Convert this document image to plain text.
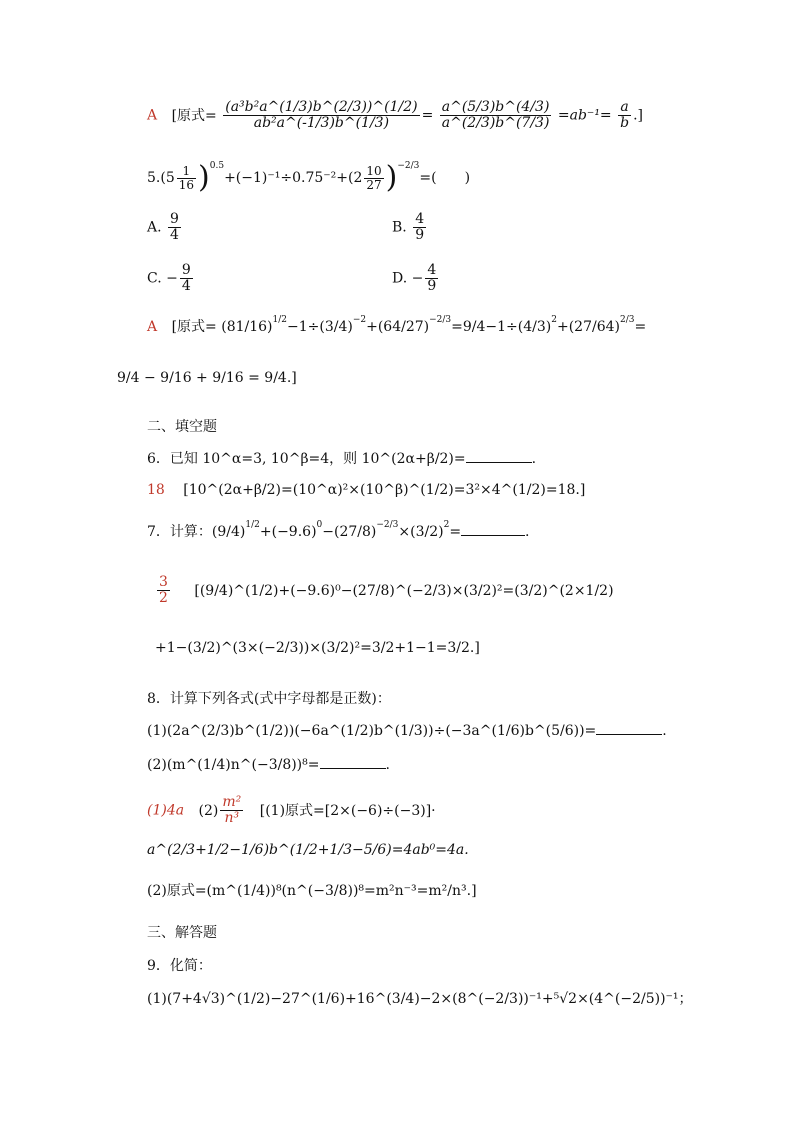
A [原式= $\frac{\text{(a³b²a\textasciicircum{}(1/3)b\textasciicircum{}(2/3))\textasciicircum{}(1/2)}}{\text{ab²a\textasciicircum{}(-1/3)b\textasciicircum{}(1/3)}} = \frac{a\^{}(5/3)b\^{}(4/3)}{a\^{}(2/3)b\^{}(7/3)} =ab^{-1}= \frac{a}{b}$ .]
$5.(5 \frac{1}{16} )^{0.5}+(-1)^{-1}\div 0.75^{-2}+(2 \frac{10}{27} )^{-2/3}=$(　　)
A. $\frac{9}{4}$	B. $\frac{4}{9}$
C. − $\frac{9}{4}$	D. − $\frac{4}{9}$
A [原式= $(81/16)^{1/2}-1\div(3/4)^{-2}+(64/27)^{-2/3}=9/4-1\div(4/3)^2+(27/64)^{2/3}=$
9/4 − 9/16 + 9/16 = 9/4.]
二、填空题
6．已知 10^α=3, 10^β=4，则 10^(2α+β/2)=	.
18 [10^(2α+β/2)=(10^α)²×(10^β)^(1/2)=3²×4^(1/2)=18.]
7．计算：$(9/4)^{1/2}+(-9.6)^0-(27/8)^{-2/3}\times(3/2)^2=$	.
$\frac{3}{2}$ [(9/4)^(1/2)+(−9.6)⁰−(27/8)^(−2/3)×(3/2)²=(3/2)^(2×1/2)
+1−(3/2)^(3×(−2/3))×(3/2)²=3/2+1−1=3/2.]
8．计算下列各式(式中字母都是正数)：
(1)(2a^(2/3)b^(1/2))(−6a^(1/2)b^(1/3))÷(−3a^(1/6)b^(5/6))=	.
(2)(m^(1/4)n^(−3/8))⁸=	.
(1)4a $(2) \frac{\text{m²}}{\text{n³}} [(1)$原式=[2×(−6)÷(−3)]·
a^(2/3+1/2−1/6)b^(1/2+1/3−5/6)=4ab⁰=4a.
(2)原式=(m^(1/4))⁸(n^(−3/8))⁸=m²n⁻³=m²/n³.]
三、解答题
9．化简：
(1)(7+4√3)^(1/2)−27^(1/6)+16^(3/4)−2×(8^(−2/3))⁻¹+⁵√2×(4^(−2/5))⁻¹；
